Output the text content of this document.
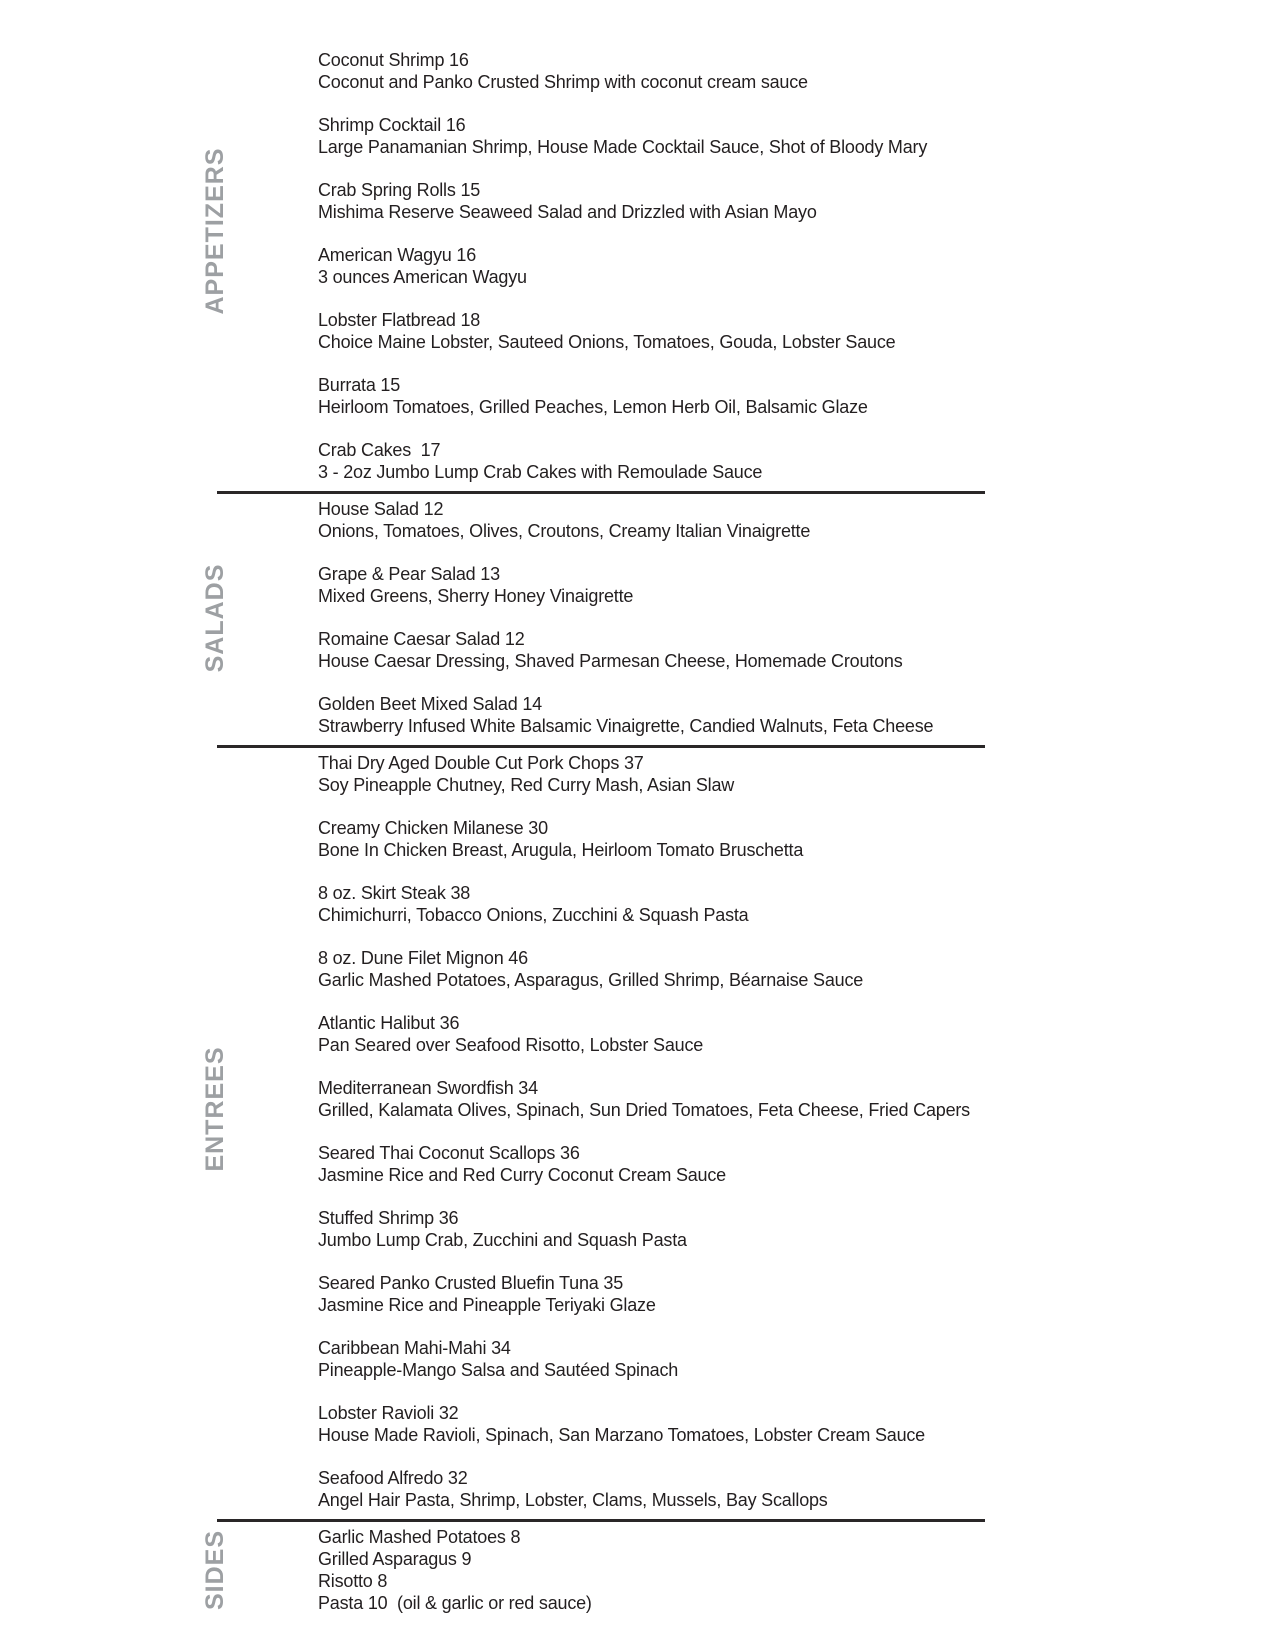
APPETIZERS
Coconut Shrimp 16
Coconut and Panko Crusted Shrimp with coconut cream sauce
Shrimp Cocktail 16
Large Panamanian Shrimp, House Made Cocktail Sauce, Shot of Bloody Mary
Crab Spring Rolls 15
Mishima Reserve Seaweed Salad and Drizzled with Asian Mayo
American Wagyu 16
3 ounces American Wagyu
Lobster Flatbread 18
Choice Maine Lobster, Sauteed Onions, Tomatoes, Gouda, Lobster Sauce
Burrata 15
Heirloom Tomatoes, Grilled Peaches, Lemon Herb Oil, Balsamic Glaze
Crab Cakes  17
3 - 2oz Jumbo Lump Crab Cakes with Remoulade Sauce
SALADS
House Salad 12
Onions, Tomatoes, Olives, Croutons, Creamy Italian Vinaigrette
Grape & Pear Salad 13
Mixed Greens, Sherry Honey Vinaigrette
Romaine Caesar Salad 12
House Caesar Dressing, Shaved Parmesan Cheese, Homemade Croutons
Golden Beet Mixed Salad 14
Strawberry Infused White Balsamic Vinaigrette, Candied Walnuts, Feta Cheese
ENTREES
Thai Dry Aged Double Cut Pork Chops 37
Soy Pineapple Chutney, Red Curry Mash, Asian Slaw
Creamy Chicken Milanese 30
Bone In Chicken Breast, Arugula, Heirloom Tomato Bruschetta
8 oz. Skirt Steak 38
Chimichurri, Tobacco Onions, Zucchini & Squash Pasta
8 oz. Dune Filet Mignon 46
Garlic Mashed Potatoes, Asparagus, Grilled Shrimp, Béarnaise Sauce
Atlantic Halibut 36
Pan Seared over Seafood Risotto, Lobster Sauce
Mediterranean Swordfish 34
Grilled, Kalamata Olives, Spinach, Sun Dried Tomatoes, Feta Cheese, Fried Capers
Seared Thai Coconut Scallops 36
Jasmine Rice and Red Curry Coconut Cream Sauce
Stuffed Shrimp 36
Jumbo Lump Crab, Zucchini and Squash Pasta
Seared Panko Crusted Bluefin Tuna 35
Jasmine Rice and Pineapple Teriyaki Glaze
Caribbean Mahi-Mahi 34
Pineapple-Mango Salsa and Sautéed Spinach
Lobster Ravioli 32
House Made Ravioli, Spinach, San Marzano Tomatoes, Lobster Cream Sauce
Seafood Alfredo 32
Angel Hair Pasta, Shrimp, Lobster, Clams, Mussels, Bay Scallops
SIDES	Garlic Mashed Potatoes 8
Grilled Asparagus 9
Risotto 8
Pasta 10  (oil & garlic or red sauce)
